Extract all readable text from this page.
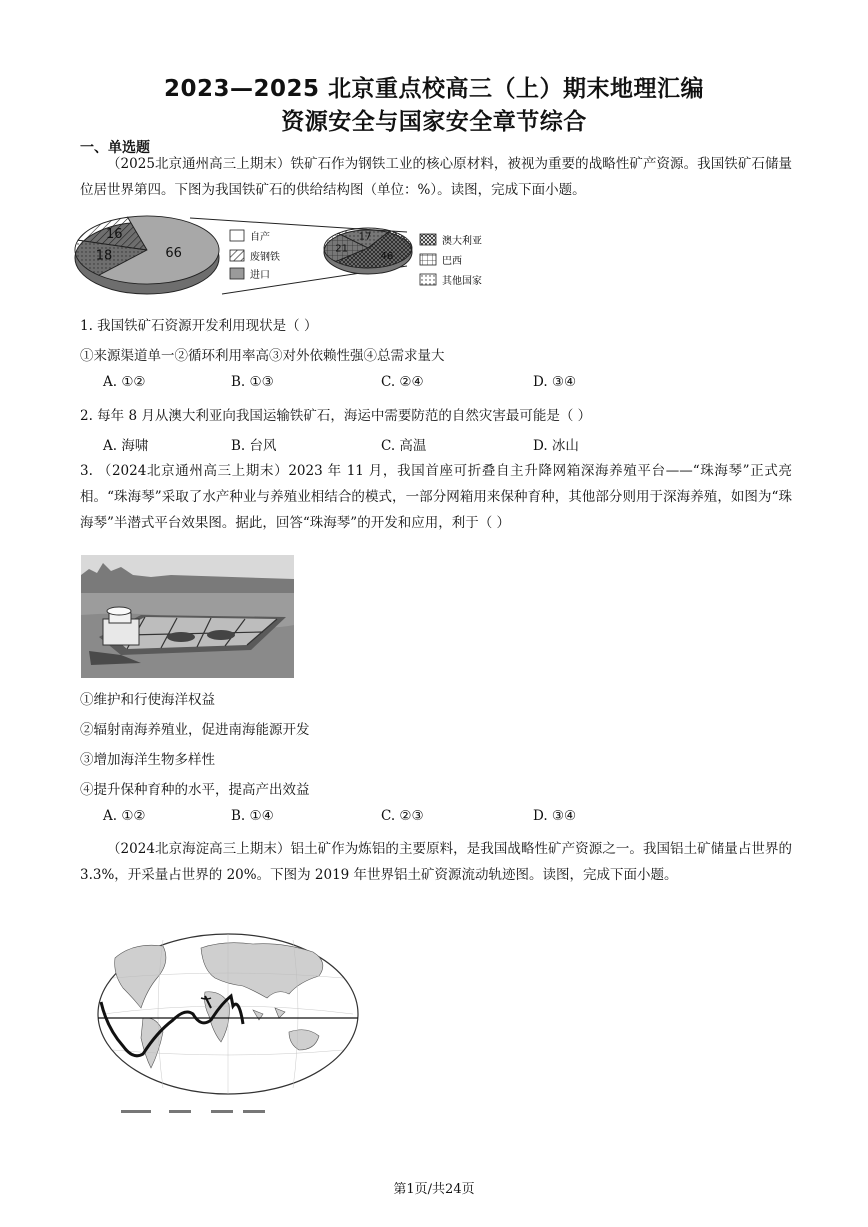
2023—2025 北京重点校高三（上）期末地理汇编
资源安全与国家安全章节综合
一、单选题
（2025北京通州高三上期末）铁矿石作为钢铁工业的核心原材料，被视为重要的战略性矿产资源。我国铁矿石储量位居世界第四。下图为我国铁矿石的供给结构图（单位：%）。读图，完成下面小题。
18
16
66
自产
废钢铁
进口
46
21
17	澳大利亚
巴西
其他国家
1. 我国铁矿石资源开发利用现状是（ ）
①来源渠道单一②循环利用率高③对外依赖性强④总需求量大
A. ①②	B. ①③	C. ②④	D. ③④
2. 每年 8 月从澳大利亚向我国运输铁矿石，海运中需要防范的自然灾害最可能是（ ）
A. 海啸	B. 台风	C. 高温	D. 冰山
3. （2024北京通州高三上期末）2023 年 11 月，我国首座可折叠自主升降网箱深海养殖平台——“珠海琴”正式亮相。“珠海琴”采取了水产种业与养殖业相结合的模式，一部分网箱用来保种育种，其他部分则用于深海养殖，如图为“珠海琴”半潜式平台效果图。据此，回答“珠海琴”的开发和应用，利于（ ）
①维护和行使海洋权益
②辐射南海养殖业，促进南海能源开发
③增加海洋生物多样性
④提升保种育种的水平，提高产出效益
A. ①②	B. ①④	C. ②③	D. ③④
（2024北京海淀高三上期末）铝土矿作为炼铝的主要原料，是我国战略性矿产资源之一。我国铝土矿储量占世界的 3.3%，开采量占世界的 20%。下图为 2019 年世界铝土矿资源流动轨迹图。读图，完成下面小题。
第1页/共24页
